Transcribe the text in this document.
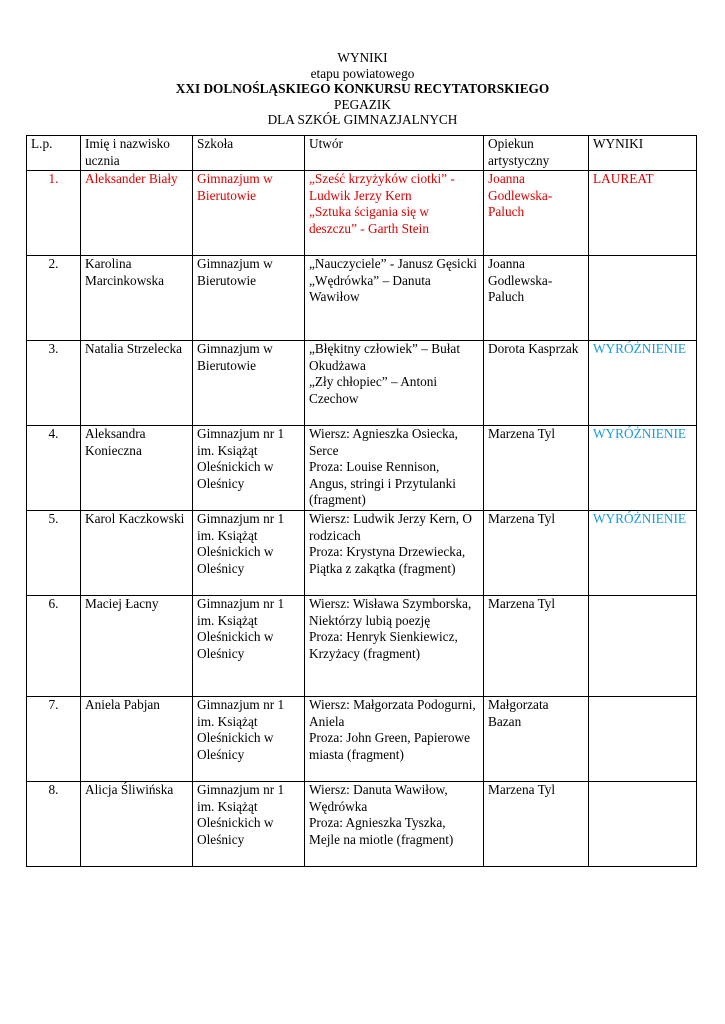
WYNIKI
etapu powiatowego
XXI DOLNOŚLĄSKIEGO KONKURSU RECYTATORSKIEGO
PEGAZIK
DLA SZKÓŁ GIMNAZJALNYCH
L.p.	Imię i nazwisko ucznia	Szkoła	Utwór	Opiekun artystyczny	WYNIKI
1.	Aleksander Biały	Gimnazjum w Bierutowie	„Sześć krzyżyków ciotki” - Ludwik Jerzy Kern
„Sztuka ścigania się w deszczu” - Garth Stein	Joanna Godlewska-Paluch	LAUREAT
2.	Karolina Marcinkowska	Gimnazjum w Bierutowie	„Nauczyciele” - Janusz Gęsicki
„Wędrówka” – Danuta Wawiłow	Joanna Godlewska-Paluch	
3.	Natalia Strzelecka	Gimnazjum w Bierutowie	„Błękitny człowiek” – Bułat Okudżawa
„Zły chłopiec” – Antoni Czechow	Dorota Kasprzak	WYRÓŻNIENIE
4.	Aleksandra Konieczna	Gimnazjum nr 1 im. Książąt Oleśnickich w Oleśnicy	Wiersz: Agnieszka Osiecka, Serce
Proza: Louise Rennison, Angus, stringi i Przytulanki (fragment)	Marzena Tyl	WYRÓŻNIENIE
5.	Karol Kaczkowski	Gimnazjum nr 1 im. Książąt Oleśnickich w Oleśnicy	Wiersz: Ludwik Jerzy Kern, O rodzicach
Proza: Krystyna Drzewiecka, Piątka z zakątka (fragment)	Marzena Tyl	WYRÓŻNIENIE
6.	Maciej Łacny	Gimnazjum nr 1 im. Książąt Oleśnickich w Oleśnicy	Wiersz: Wisława Szymborska, Niektórzy lubią poezję
Proza: Henryk Sienkiewicz, Krzyżacy (fragment)	Marzena Tyl	
7.	Aniela Pabjan	Gimnazjum nr 1 im. Książąt Oleśnickich w Oleśnicy	Wiersz: Małgorzata Podogurni, Aniela
Proza: John Green, Papierowe miasta (fragment)	Małgorzata Bazan	
8.	Alicja Śliwińska	Gimnazjum nr 1 im. Książąt Oleśnickich w Oleśnicy	Wiersz: Danuta Wawiłow, Wędrówka
Proza: Agnieszka Tyszka, Mejle na miotle (fragment)	Marzena Tyl	
